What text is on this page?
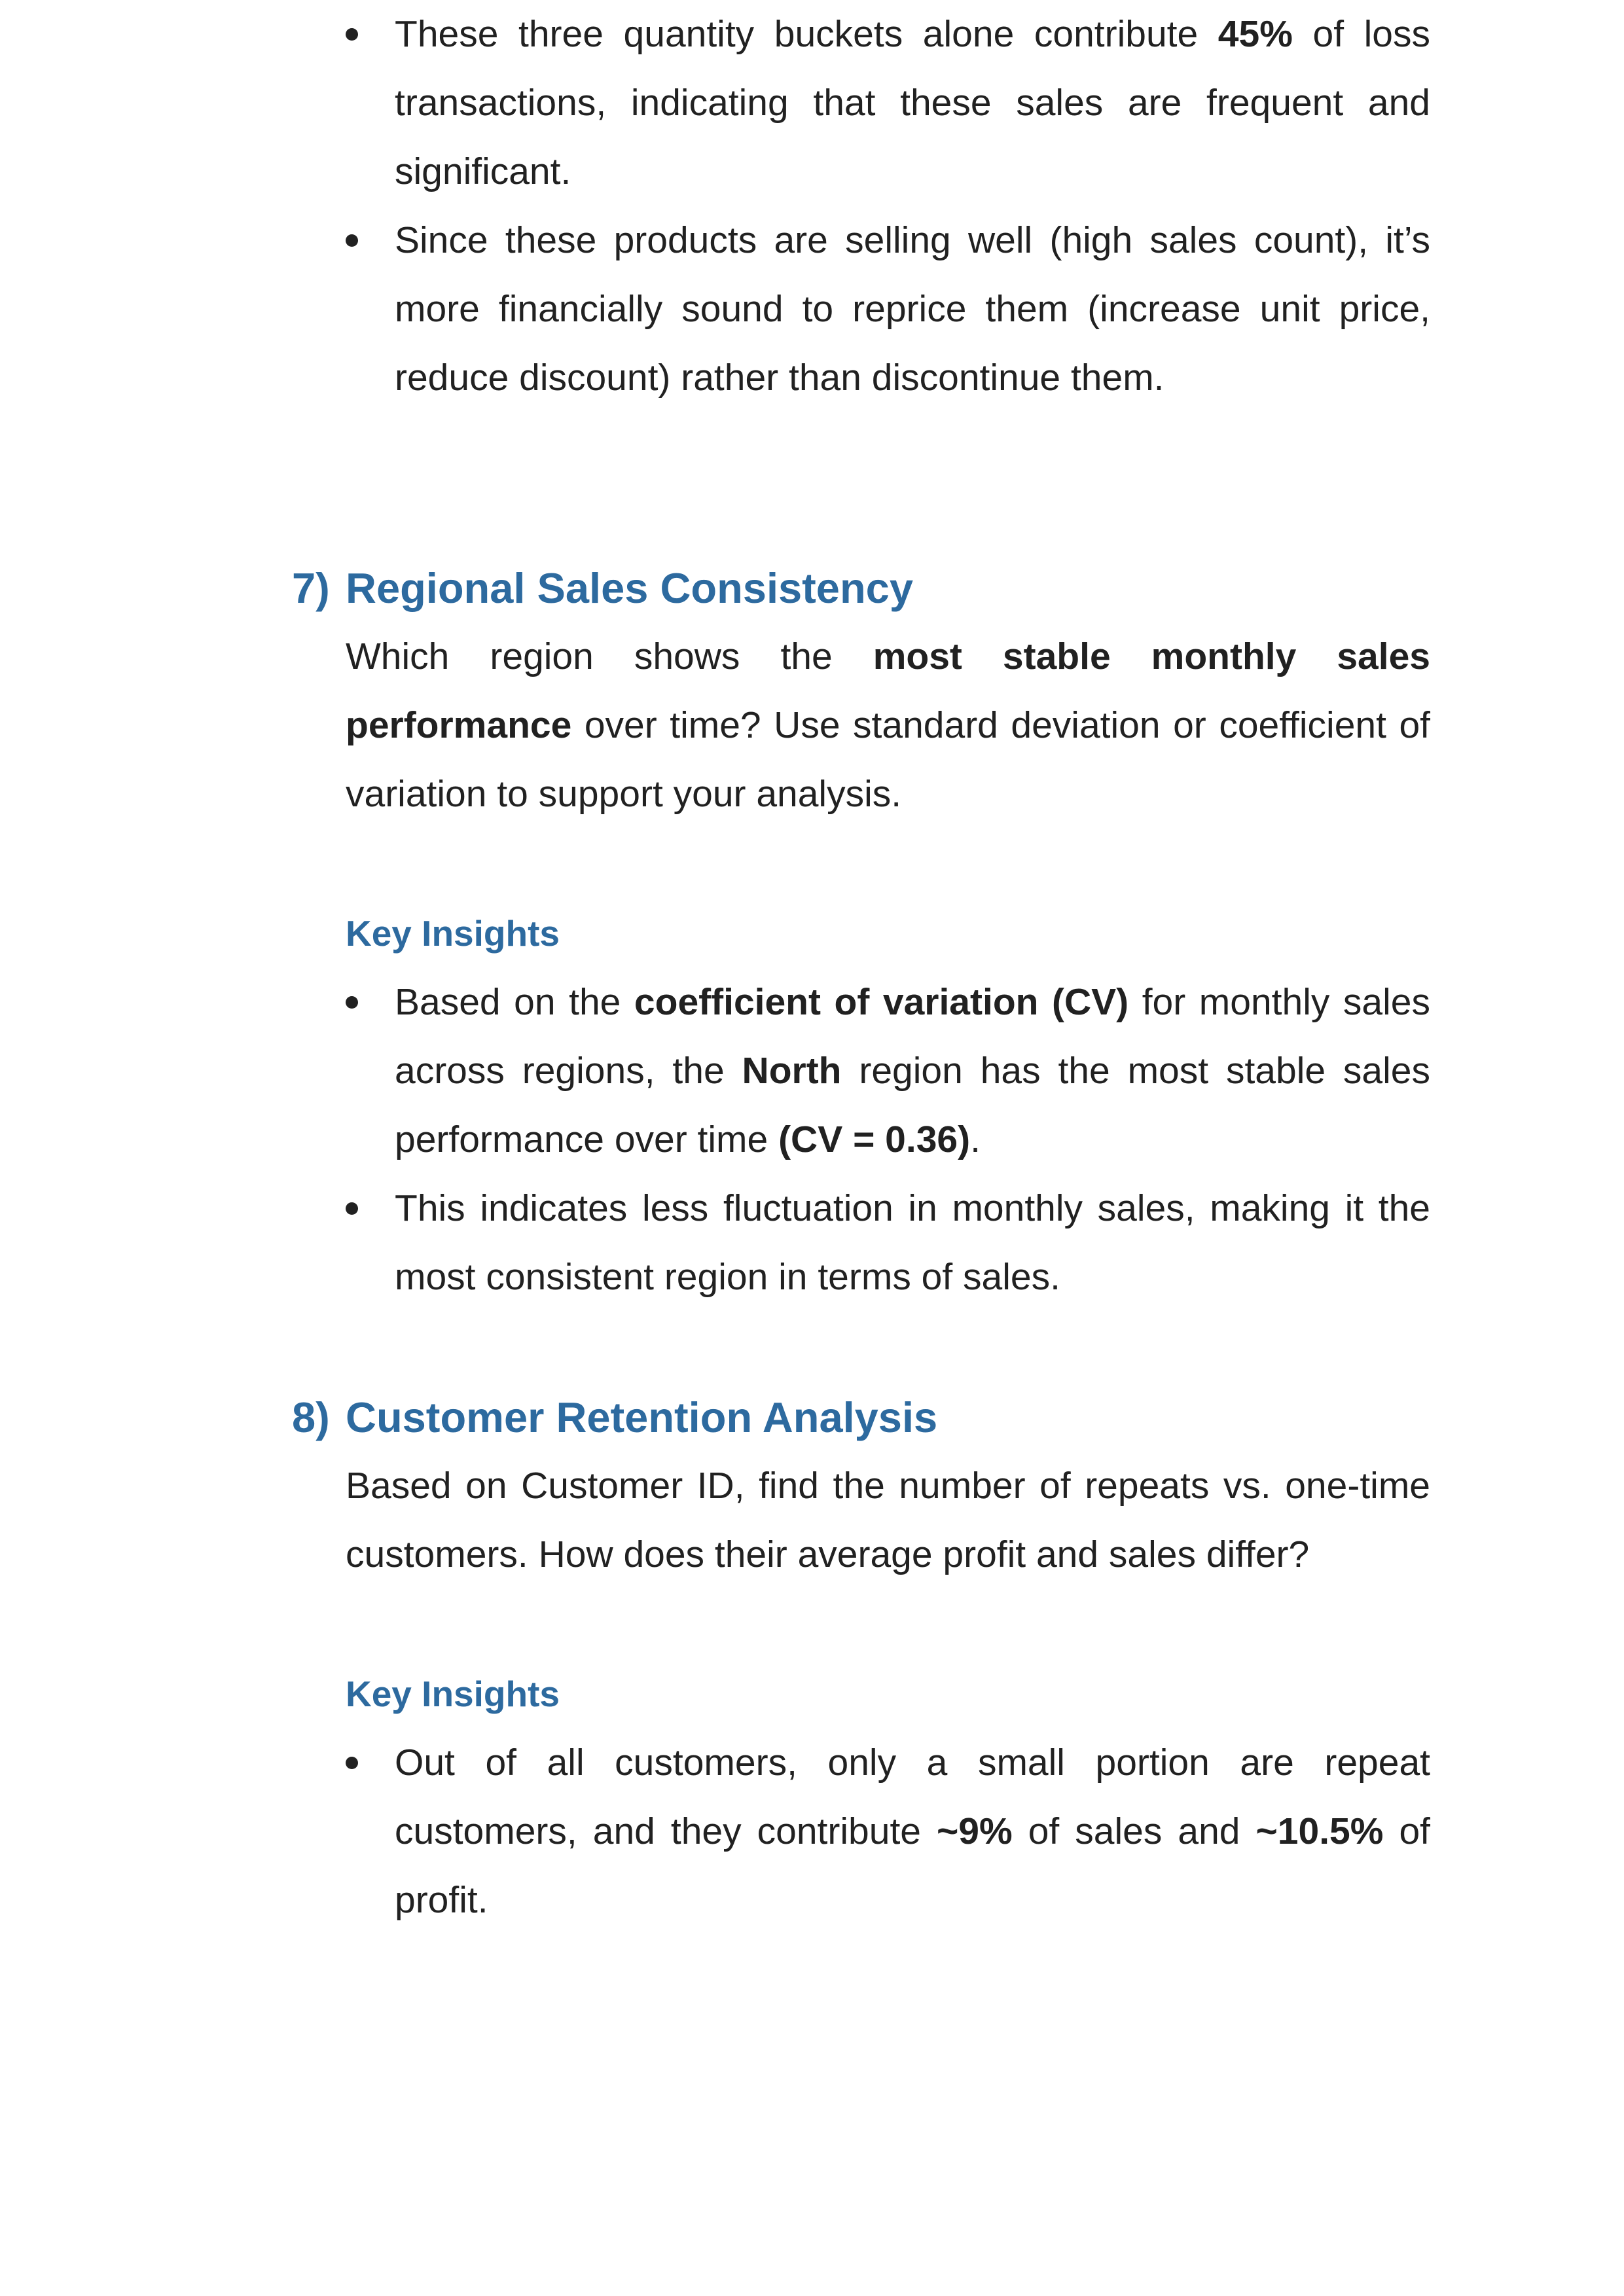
These three quantity buckets alone contribute 45% of loss transactions, indicating that these sales are frequent and significant.
Since these products are selling well (high sales count), it’s more financially sound to reprice them (increase unit price, reduce discount) rather than discontinue them.
7) Regional Sales Consistency

Which region shows the most stable monthly sales performance over time? Use standard deviation or coefficient of variation to support your analysis.

Key Insights
Based on the coefficient of variation (CV) for monthly sales across regions, the North region has the most stable sales performance over time (CV = 0.36).
This indicates less fluctuation in monthly sales, making it the most consistent region in terms of sales.
8) Customer Retention Analysis

Based on Customer ID, find the number of repeats vs. one-time customers. How does their average profit and sales differ?

Key Insights
Out of all customers, only a small portion are repeat customers, and they contribute ~9% of sales and ~10.5% of profit.
